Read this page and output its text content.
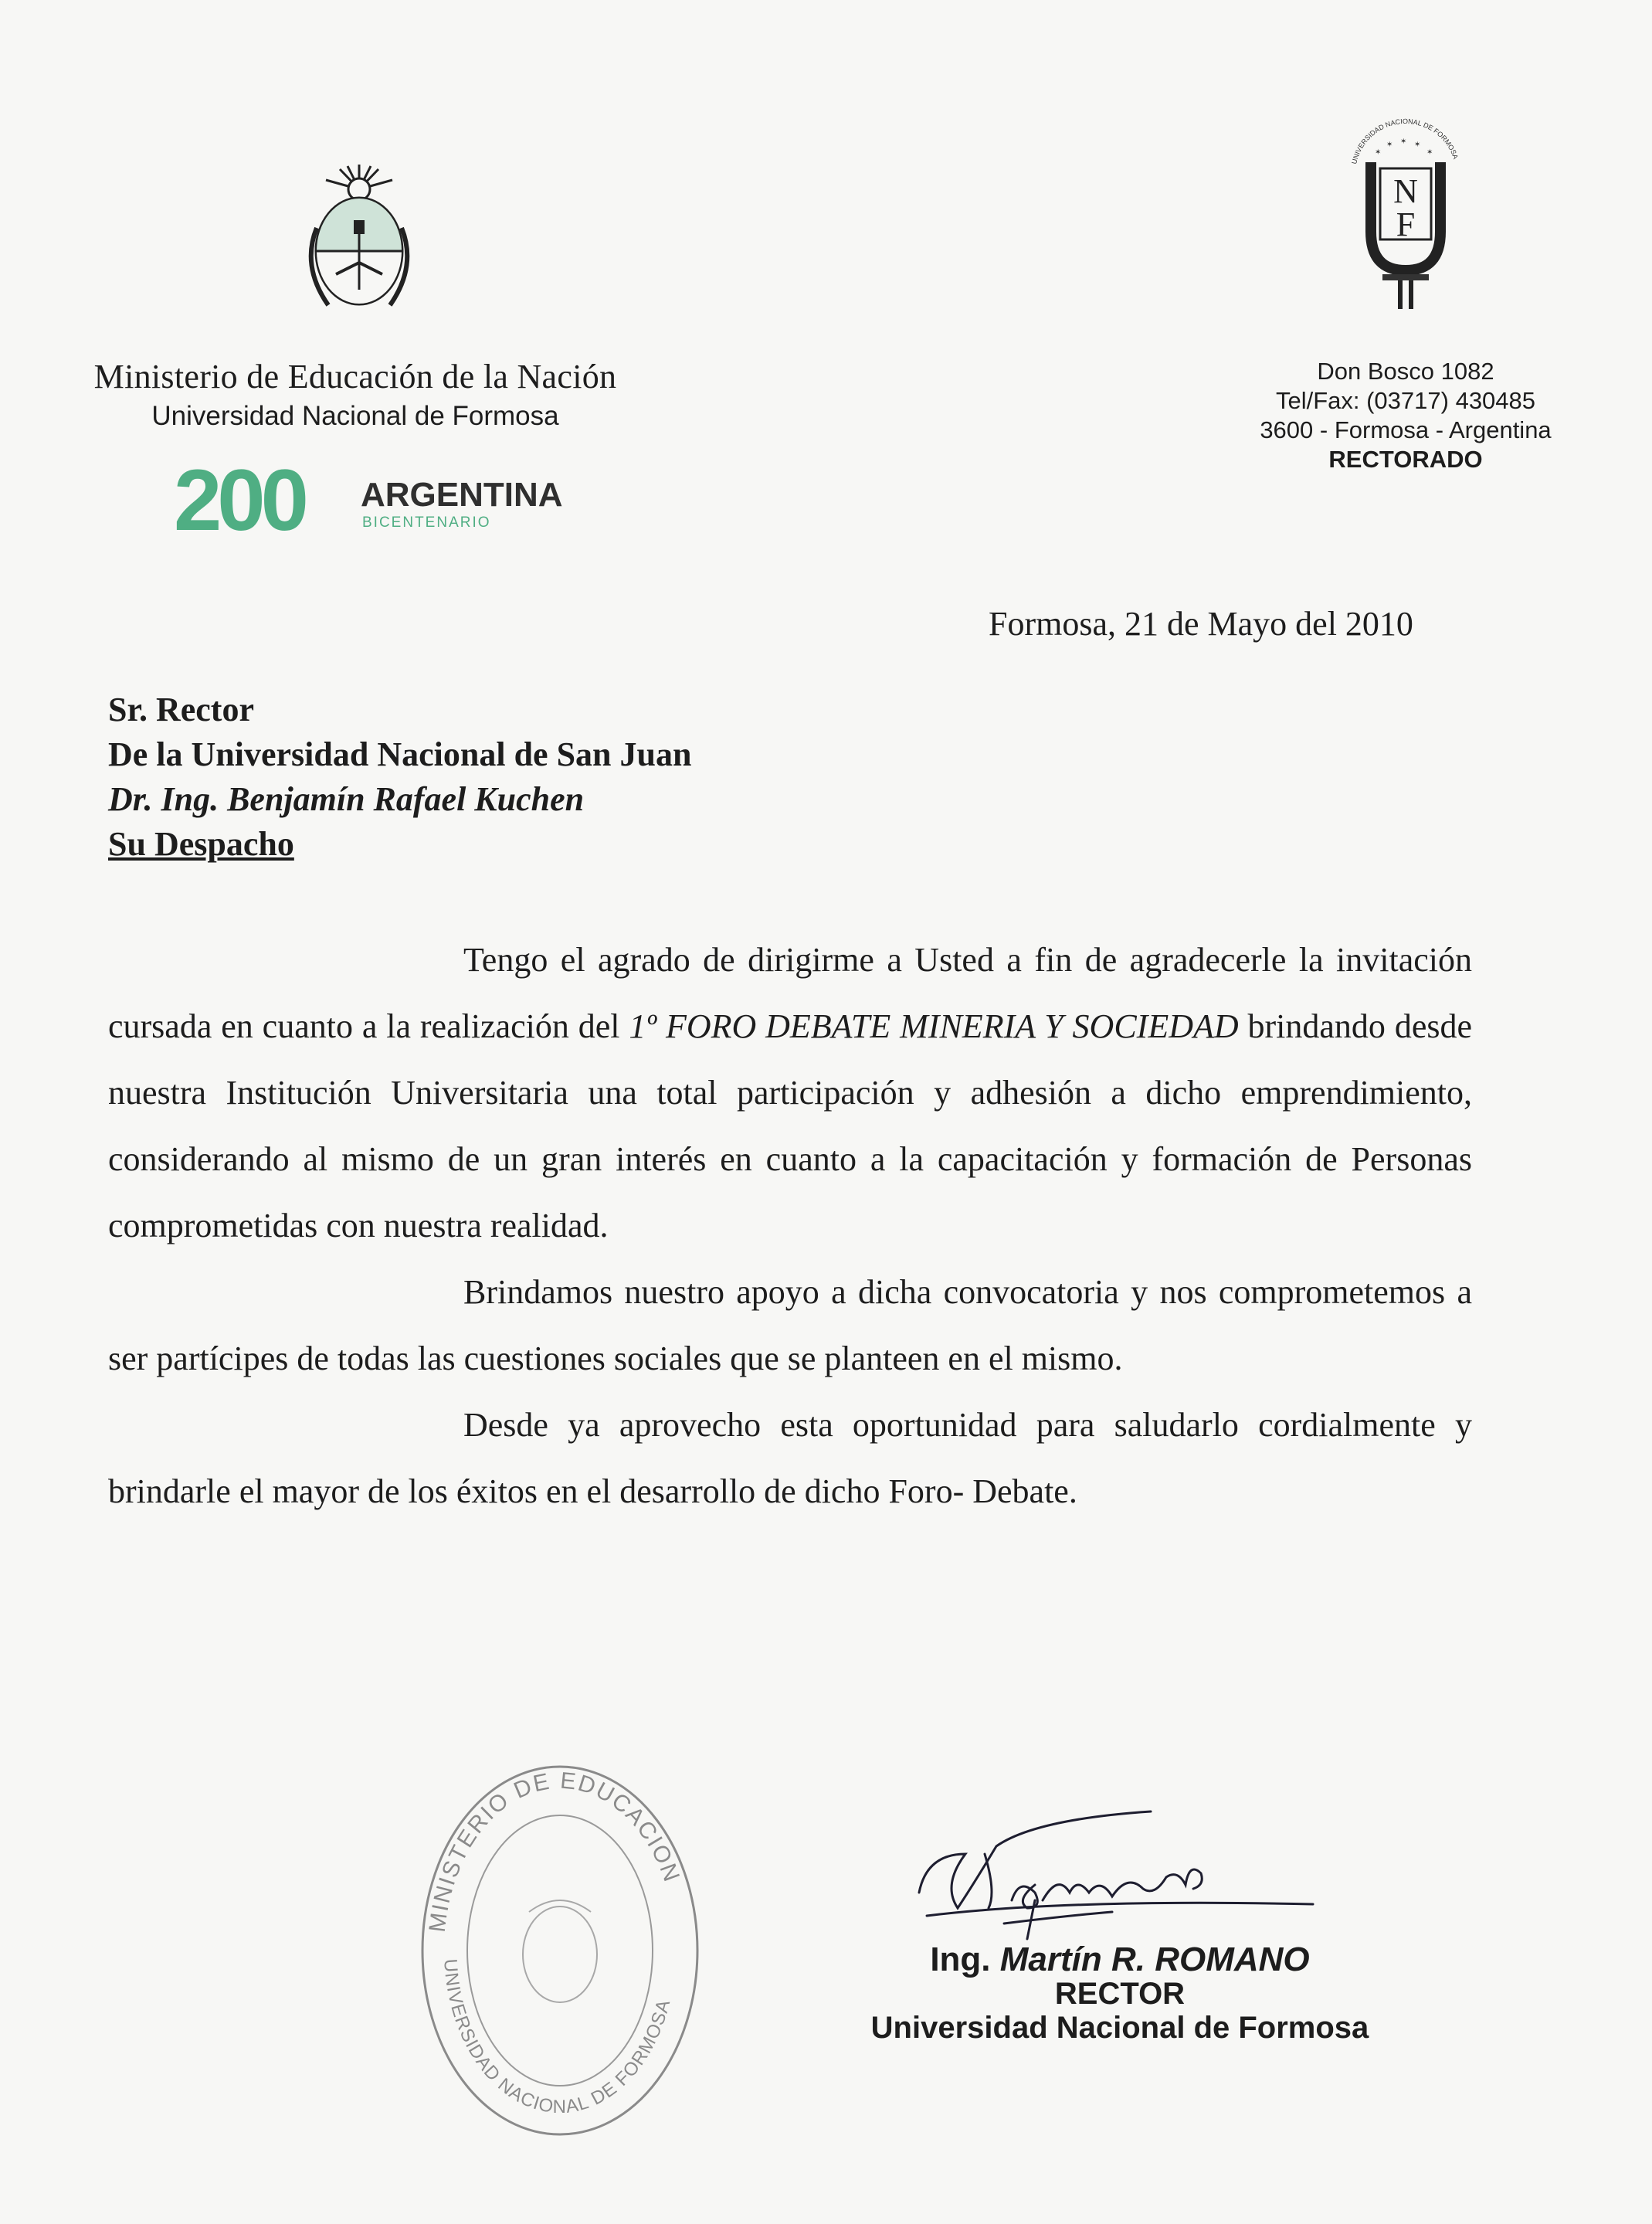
Ministerio de Educación de la Nación
Universidad Nacional de Formosa
200 ARGENTINA
BICENTENARIO
UNIVERSIDAD NACIONAL DE FORMOSA
✶
✶ ✶ ✶
✶
N
F
Don Bosco 1082
Tel/Fax: (03717) 430485
3600 - Formosa - Argentina
RECTORADO
Formosa, 21 de Mayo del 2010
Sr. Rector
De la Universidad Nacional de San Juan
Dr. Ing. Benjamín Rafael Kuchen
Su Despacho

Tengo el agrado de dirigirme a Usted a fin de agradecerle la invitación cursada en cuanto a la realización del 1º FORO DEBATE MINERIA Y SOCIEDAD brindando desde nuestra Institución Universitaria una total participación y adhesión a dicho emprendimiento, considerando al mismo de un gran interés en cuanto a la capacitación y formación de Personas comprometidas con nuestra realidad.

Brindamos nuestro apoyo a dicha convocatoria y nos comprometemos a ser partícipes de todas las cuestiones sociales que se planteen en el mismo.

Desde ya aprovecho esta oportunidad para saludarlo cordialmente y brindarle el mayor de los éxitos en el desarrollo de dicho Foro- Debate.

MINISTERIO DE EDUCACION
UNIVERSIDAD NACIONAL DE FORMOSA
Ing. Martín R. ROMANO
RECTOR
Universidad Nacional de Formosa
